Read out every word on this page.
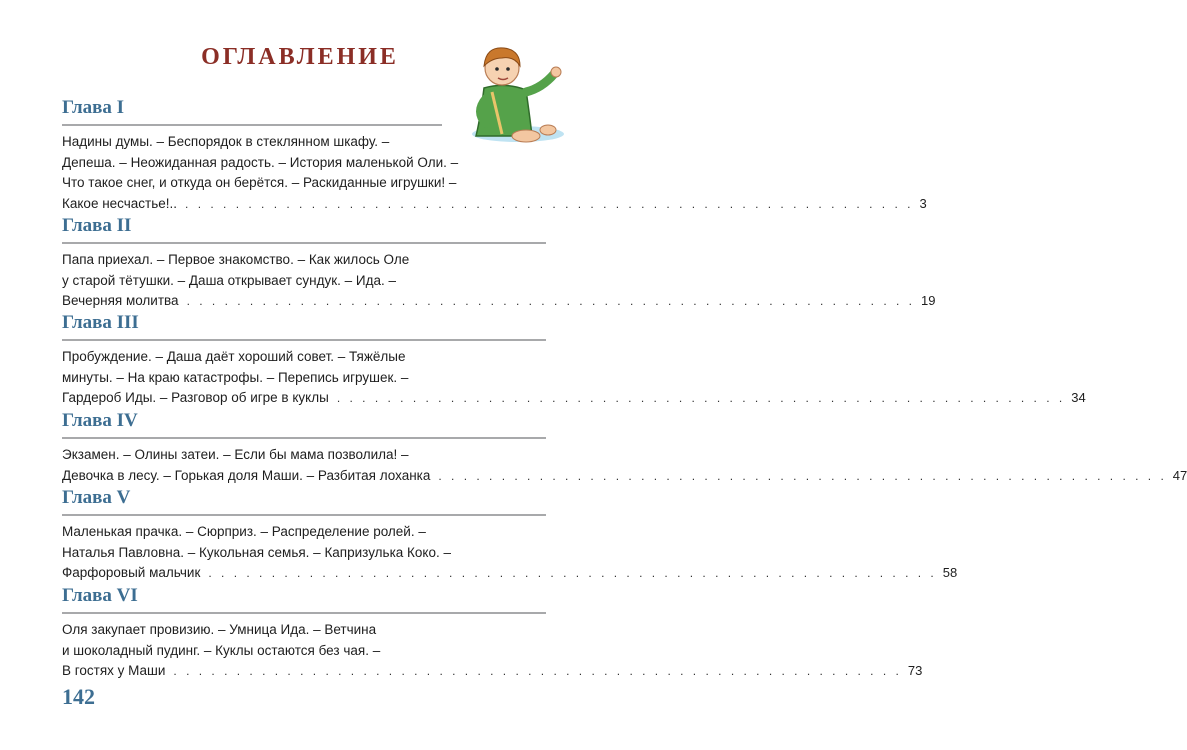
ОГЛАВЛЕНИЕ
Глава I
Надины думы. – Беспорядок в стеклянном шкафу. –
Депеша. – Неожиданная радость. – История маленькой Оли. –
Что такое снег, и откуда он берётся. – Раскиданные игрушки! –
Какое несчастье!.. . . . . . . . . . . . . . . . . . . . . . . . . . . . . . . . . . . . . . . . . . . . . . . . . . . . . . . . . . . 3
Глава II
Папа приехал. – Первое знакомство. – Как жилось Оле
у старой тётушки. – Даша открывает сундук. – Ида. –
Вечерняя молитва . . . . . . . . . . . . . . . . . . . . . . . . . . . . . . . . . . . . . . . . . . . . . . . . . . . . . . . . . . 19
Глава III
Пробуждение. – Даша даёт хороший совет. – Тяжёлые
минуты. – На краю катастрофы. – Перепись игрушек. –
Гардероб Иды. – Разговор об игре в куклы . . . . . . . . . . . . . . . . . . . . . . . . . . . . . . . . . . . . . . . . . . . . . . . . . . . . . . . . . . 34
Глава IV
Экзамен. – Олины затеи. – Если бы мама позволила! –
Девочка в лесу. – Горькая доля Маши. – Разбитая лоханка . . . . . . . . . . . . . . . . . . . . . . . . . . . . . . . . . . . . . . . . . . . . . . . . . . . . . . . . . . 47
Глава V
Маленькая прачка. – Сюрприз. – Распределение ролей. –
Наталья Павловна. – Кукольная семья. – Капризулька Коко. –
Фарфоровый мальчик . . . . . . . . . . . . . . . . . . . . . . . . . . . . . . . . . . . . . . . . . . . . . . . . . . . . . . . . . . 58
Глава VI
Оля закупает провизию. – Умница Ида. – Ветчина
и шоколадный пудинг. – Куклы остаются без чая. –
В гостях у Маши . . . . . . . . . . . . . . . . . . . . . . . . . . . . . . . . . . . . . . . . . . . . . . . . . . . . . . . . . . 73
142
